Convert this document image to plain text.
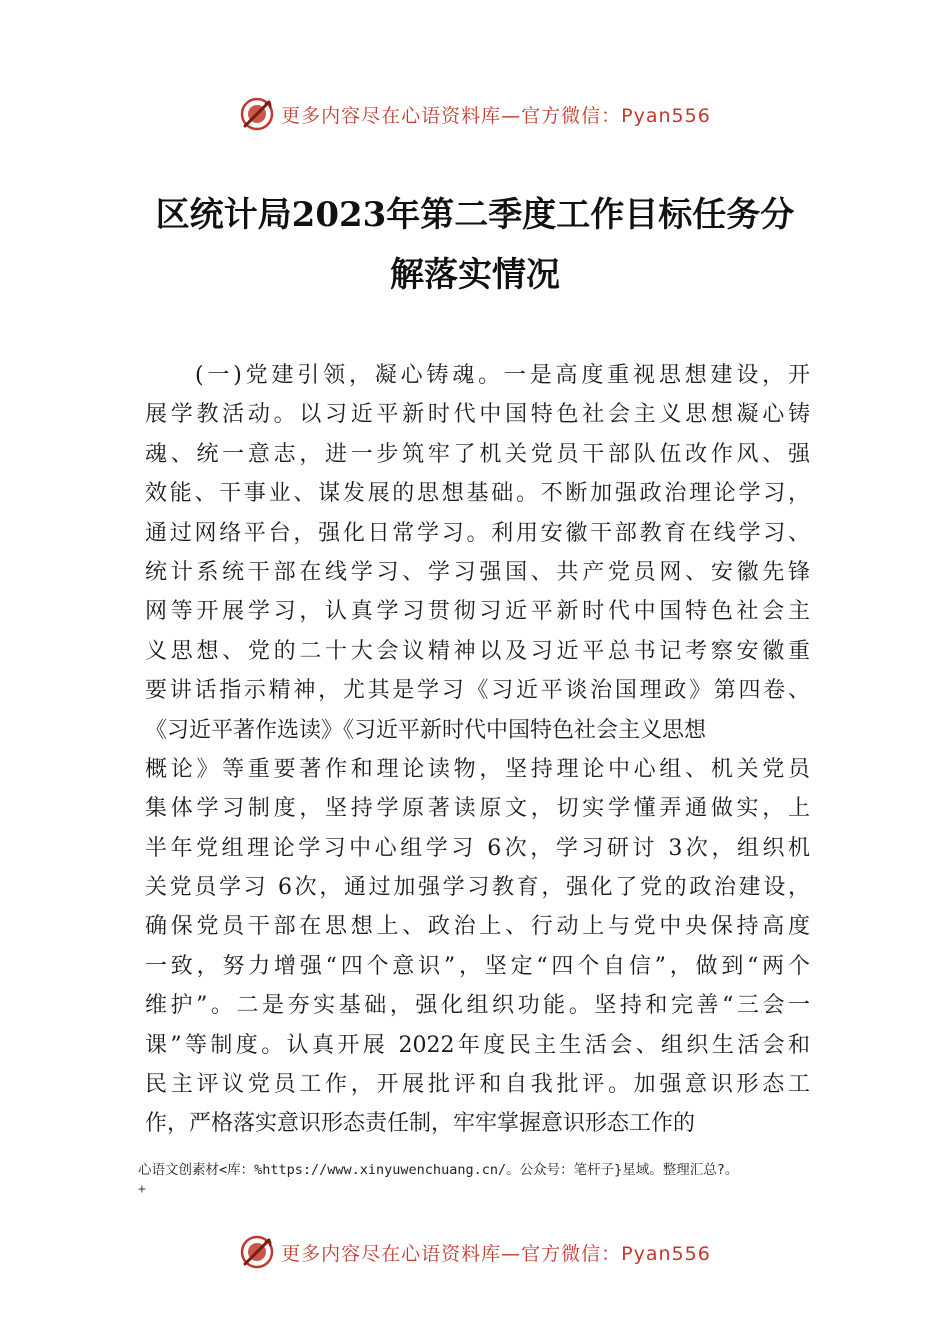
更多内容尽在心语资料库—官方微信：Pyan556
区统计局2023年第二季度工作目标任务分
解落实情况
(一)党建引领，凝心铸魂。一是高度重视思想建设，开
展学教活动。以习近平新时代中国特色社会主义思想凝心铸
魂、统一意志，进一步筑牢了机关党员干部队伍改作风、强
效能、干事业、谋发展的思想基础。不断加强政治理论学习，
通过网络平台，强化日常学习。利用安徽干部教育在线学习、
统计系统干部在线学习、学习强国、共产党员网、安徽先锋
网等开展学习，认真学习贯彻习近平新时代中国特色社会主
义思想、党的二十大会议精神以及习近平总书记考察安徽重
要讲话指示精神，尤其是学习《习近平谈治国理政》第四卷、
《习近平著作选读》《习近平新时代中国特色社会主义思想
概论》等重要著作和理论读物，坚持理论中心组、机关党员
集体学习制度，坚持学原著读原文，切实学懂弄通做实，上
半年党组理论学习中心组学习 6次，学习研讨 3次，组织机
关党员学习 6次，通过加强学习教育，强化了党的政治建设，
确保党员干部在思想上、政治上、行动上与党中央保持高度
一致，努力增强“四个意识”，坚定“四个自信”，做到“两个
维护”。二是夯实基础，强化组织功能。坚持和完善“三会一
课”等制度。认真开展 2022年度民主生活会、组织生活会和
民主评议党员工作，开展批评和自我批评。加强意识形态工
作，严格落实意识形态责任制，牢牢掌握意识形态工作的
心语文创素材<库：%https://www.xinyuwenchuang.cn/。公众号：笔杆子}星域。整理汇总?。
+
更多内容尽在心语资料库—官方微信：Pyan556
